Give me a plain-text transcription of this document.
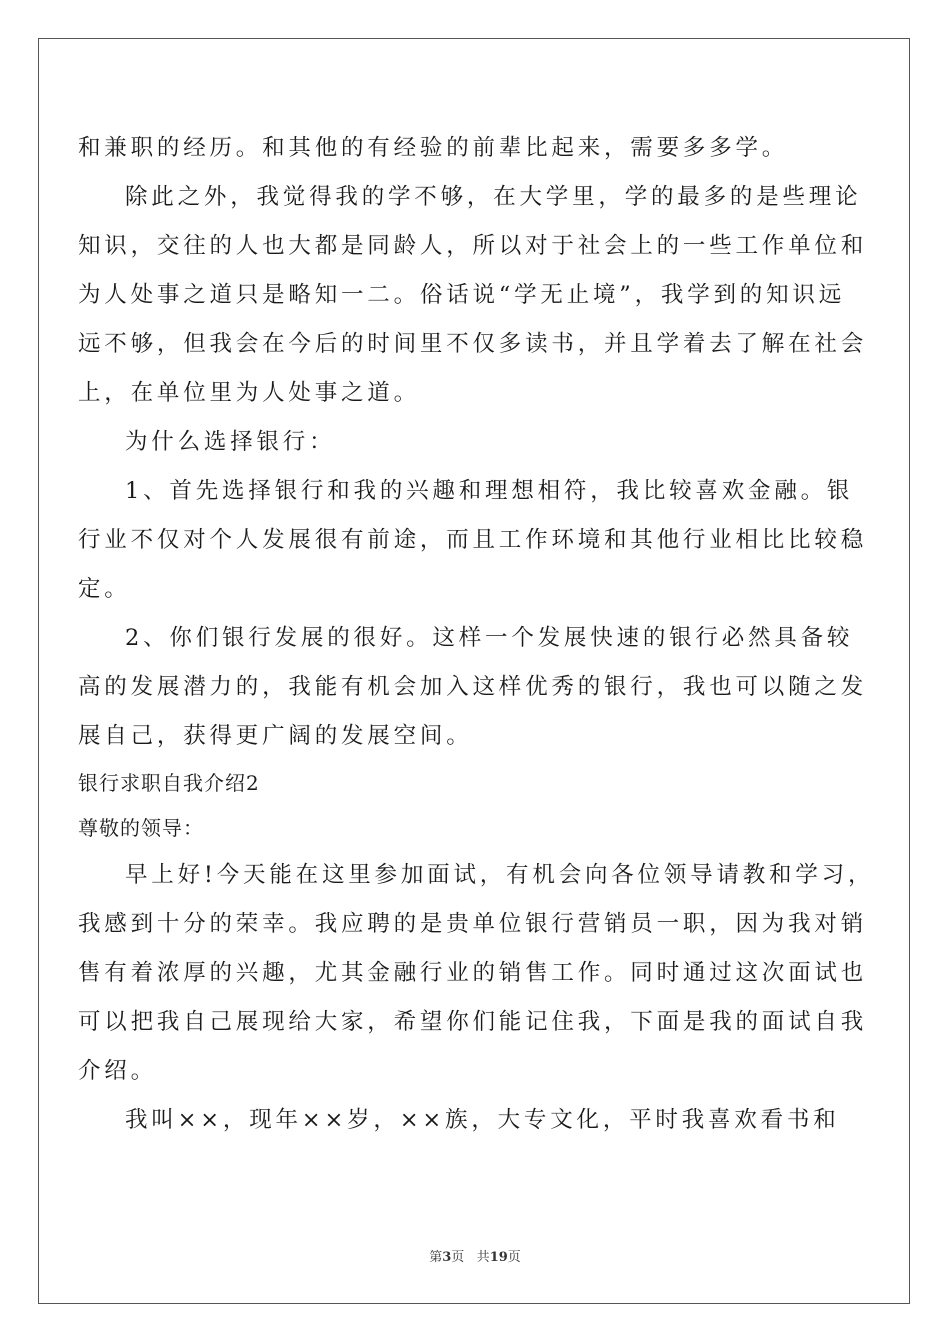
和兼职的经历。和其他的有经验的前辈比起来，需要多多学。
除此之外，我觉得我的学不够，在大学里，学的最多的是些理论
知识，交往的人也大都是同龄人，所以对于社会上的一些工作单位和
为人处事之道只是略知一二。俗话说“学无止境”，我学到的知识远
远不够，但我会在今后的时间里不仅多读书，并且学着去了解在社会
上，在单位里为人处事之道。
为什么选择银行：
1、首先选择银行和我的兴趣和理想相符，我比较喜欢金融。银
行业不仅对个人发展很有前途，而且工作环境和其他行业相比比较稳
定。
2、你们银行发展的很好。这样一个发展快速的银行必然具备较
高的发展潜力的，我能有机会加入这样优秀的银行，我也可以随之发
展自己，获得更广阔的发展空间。
银行求职自我介绍2
尊敬的领导：
早上好!今天能在这里参加面试，有机会向各位领导请教和学习，
我感到十分的荣幸。我应聘的是贵单位银行营销员一职，因为我对销
售有着浓厚的兴趣，尤其金融行业的销售工作。同时通过这次面试也
可以把我自己展现给大家，希望你们能记住我，下面是我的面试自我
介绍。
我叫××，现年××岁，××族，大专文化，平时我喜欢看书和
第3页 共19页
